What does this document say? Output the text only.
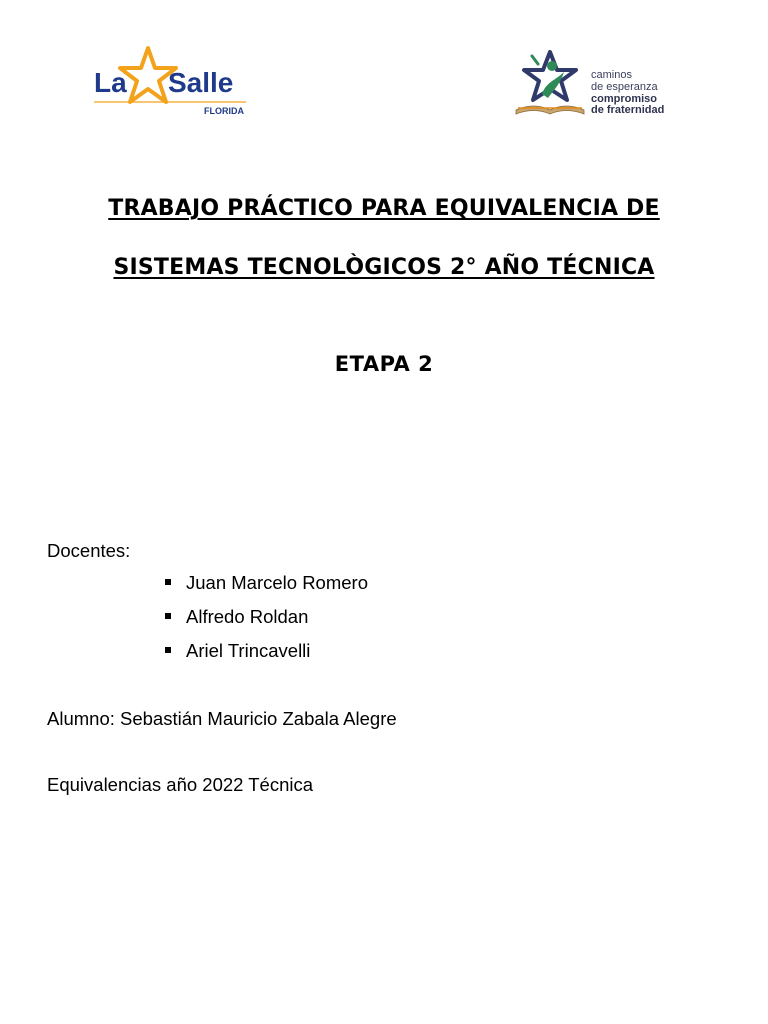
La Salle
FLORIDA
caminos
de esperanza
compromiso
de fraternidad
TRABAJO PRÁCTICO PARA EQUIVALENCIA DE
SISTEMAS TECNOLÒGICOS 2° AÑO TÉCNICA
ETAPA 2
Docentes:
Juan Marcelo Romero
Alfredo Roldan
Ariel Trincavelli
Alumno: Sebastián Mauricio Zabala Alegre
Equivalencias año 2022 Técnica
